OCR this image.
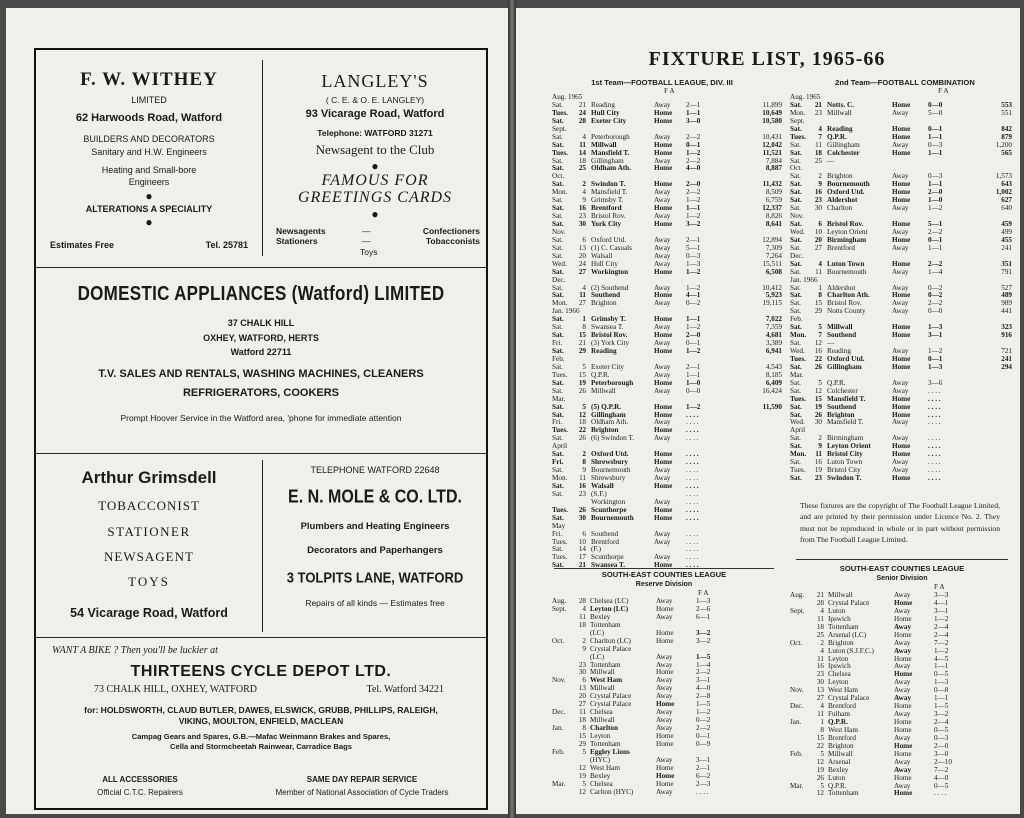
F. W. WITHEY

LIMITED

62 Harwoods Road, Watford

BUILDERS AND DECORATORS

Sanitary and H.W. Engineers

Heating and Small-bore Engineers

●

ALTERATIONS A SPECIALITY

●

Estimates Free	Tel. 25781

LANGLEY'S

( C. E. & O. E. LANGLEY)

93 Vicarage Road, Watford

Telephone: WATFORD 31271

Newsagent to the Club

●

FAMOUS FOR

GREETINGS CARDS

●

Newsagents
Stationers
—
—
Confectioners
Tobacconists
Toys

DOMESTIC APPLIANCES (Watford) LIMITED

37 CHALK HILL

OXHEY, WATFORD, HERTS

Watford 22711

T.V. SALES AND RENTALS, WASHING MACHINES, CLEANERS

REFRIGERATORS, COOKERS

Prompt Hoover Service in the Watford area, 'phone for immediate attention

Arthur Grimsdell

TOBACCONIST

STATIONER

NEWSAGENT

TOYS

54 Vicarage Road, Watford

TELEPHONE WATFORD 22648

E. N. MOLE & CO. LTD.

Plumbers and Heating Engineers

Decorators and Paperhangers

3 TOLPITS LANE, WATFORD

Repairs of all kinds — Estimates free

WANT A BIKE ? Then you'll be luckier at

THIRTEENS CYCLE DEPOT LTD.

73 CHALK HILL, OXHEY, WATFORD	Tel. Watford 34221

for: HOLDSWORTH, CLAUD BUTLER, DAWES, ELSWICK, GRUBB, PHILLIPS, RALEIGH,

VIKING, MOULTON, ENFIELD, MACLEAN

Campag Gears and Spares, G.B.—Mafac Weinmann Brakes and Spares,

Cella and Stormcheetah Rainwear, Carradice Bags

ALL ACCESSORIES
Official C.T.C. Repairers
SAME DAY REPAIR SERVICE
Member of National Association of Cycle Traders
FIXTURE LIST, 1965-66
1st Team—FOOTBALL LEAGUE, DIV. III
F A
Aug. 1965
Sat. 21 Reading	Away 2—1	11,899
Tues. 24 Hull City	Home 1—1	10,649
Sat. 28 Exeter City	Home 3—0	10,580
Sept.
Sat.	4 Peterborough	Away 2—2	10,431
Sat. 11 Millwall	Home 0—1	12,042
Tues. 14 Mansfield T.	Home 1—2	11,521
Sat. 18 Gillingham	Away 2—2	7,884
Sat. 25 Oldham Ath.	Home 4—0	8,887
Oct.
Sat.	2 Swindon T.	Home 2—0	11,432
Mon. 4 Mansfield T.	Away 2—2	8,509
Sat.	9 Grimsby T.	Away 1—2	6,759
Sat. 16 Brentford	Home 1—1	12,337
Sat. 23 Bristol Rov.	Away 1—2	8,826
Sat. 30 York City	Home 3—2	8,641
Nov.
Sat.	6 Oxford Utd.	Away 2—1	12,894
Sat. 13 (1) C. Casuals	Away 5—1	7,309
Sat. 20 Walsall	Away 0—3	7,264
Wed. 24 Hull City	Away 1—3	15,511
Sat. 27 Workington	Home 1—2	6,508
Dec.
Sat.	4 (2) Southend	Away 1—2	10,412
Sat. 11 Southend	Home 4—1	5,923
Mon. 27 Brighton	Away 0—2	19,115
Jan. 1966
Sat.	1 Grimsby T.	Home 1—1	7,022
Sat.	8 Swansea T.	Away 1—2	7,359
Sat. 15 Bristol Rov.	Home 2—0	4,681
Fri. 21 (3) York City	Away 0—1	3,389
Sat. 29 Reading	Home 1—2	6,941
Feb.
Sat.	5 Exeter City	Away 2—1	4,543
Tues. 15 Q.P.R.	Away 1—1	8,185
Sat. 19 Peterborough	Home 1—0	6,409
Sat. 26 Millwall	Away 0—0	16,424
Mar.
Sat.	5 (5) Q.P.R.	Home 1—2	11,590
Sat. 12 Gillingham	Home . . . .
Fri. 18 Oldham Ath.	Away . . . .
Tues. 22 Brighton	Home . . . .
Sat. 26 (6) Swindon T.	Away . . . .
April
Sat.	2 Oxford Utd.	Home . . . .
Fri.	8 Shrewsbury	Home . . . .
Sat.	9 Bournemouth	Away . . . .
Mon. 11 Shrewsbury	Away . . . .
Sat. 16 Walsall	Home . . . .
Sat. 23 (S.F.)	. . . .
Workington	Away . . . .
Tues. 26 Scunthorpe	Home . . . .
Sat. 30 Bournemouth	Home . . . .
May
Fri.	6 Southend	Away . . . .
Tues. 10 Brentford	Away . . . .
Sat. 14 (F.)	. . . .
Tues. 17 Scunthorpe	Away . . . .
Sat. 21 Swansea T.	Home . . . .
2nd Team—FOOTBALL COMBINATION
F A
Aug. 1965
Sat. 21 Notts. C.	Home 0—0	553
Mon. 23 Millwall	Away	5—0	551
Sept.
Sat. 4 Reading	Home 0—1	842
Tues. 7 Q.P.R.	Home 1—1	879
Sat. 11 Gillingham	Away	0—3	1,200
Sat. 18 Colchester	Home 1—1	565
Sat. 25 —
Oct.
Sat. 2 Brighton	Away	0—3	1,573
Sat. 9 Bournemouth	Home 1—1	643
Sat. 16 Oxford Utd.	Home 2—0	1,002
Sat. 23 Aldershot	Home 1—0	627
Sat. 30 Charlton	Away	1—2	640
Nov.
Sat. 6 Bristol Rov.	Home 5—1	459
Wed. 10 Leyton Orient	Away	2—2	499
Sat. 20 Birmingham	Home 0—1	455
Sat. 27 Brentford	Away	1—1	241
Dec.
Sat. 4 Luton Town	Home 2—2	351
Sat. 11 Bournemouth	Away	1—4	791
Jan. 1966
Sat. 1 Aldershot	Away	0—2	527
Sat. 8 Charlton Ath.	Home 0—2	489
Sat. 15 Bristol Rov.	Away	2—2	989
Sat. 29 Notts County	Away	0—0	441
Feb.
Sat. 5 Millwall	Home 1—3	323
Mon. 7 Southend	Home 3—1	916
Sat. 12 —
Wed. 16 Reading	Away	1—2	721
Tues. 22 Oxford Utd.	Home 0—1	241
Sat. 26 Gillingham	Home 1—3	294
Mar.
Sat. 5 Q.P.R.	Away	3—6
Sat. 12 Colchester	Away	. . . .
Tues. 15 Mansfield T.	Home . . . .
Sat. 19 Southend	Home . . . .
Sat. 26 Brighton	Home . . . .
Wed. 30 Mansfield T.	Away	. . . .
April
Sat. 2 Birmingham	Away	. . . .
Sat. 9 Leyton Orient	Home . . . .
Mon. 11 Bristol City	Home . . . .
Sat. 16 Luton Town	Away	. . . .
Tues. 19 Bristol City	Away	. . . .
Sat. 23 Swindon T.	Home . . . .
These fixtures are the copyright of The Football League Limited, and are printed by their permission under Licence No. 2. They must not be reproduced in whole or in part without permission from The Football League Limited.
SOUTH-EAST COUNTIES LEAGUE
Reserve Division
F A
Aug. 28 Chelsea (LC)	Away	1—3
Sept. 4 Leyton (LC)	Home	2—6
11 Bexley	Away	6—1
18 Tottenham
(LC)	Home	3—2
Oct.	2 Charlton (LC)	Home	3—2
9 Crystal Palace
(LC)	Away	1—5
23 Tottenham	Away	1—4
30 Millwall	Home	2—2
Nov. 6 West Ham	Away	3—1
13 Millwall	Away	4—0
20 Crystal Palace	Away	2—8
27 Crystal Palace	Home	1—5
Dec. 11 Chelsea	Away	1—2
18 Millwall	Away	0—2
Jan.	8 Charlton	Away	2—2
15 Leyton	Home	0—1
29 Tottenham	Home	0—9
Feb. 5 Eggley Lions
(HYC)	Away	3—1
12 West Ham	Home	2—1
19 Bexley	Home	6—2
Mar. 5 Chelsea	Home	2—3
12 Carlton (HYC)	Away	. . . .
SOUTH-EAST COUNTIES LEAGUE
Senior Division
F A
Aug. 21 Millwall	Away	3—3
28 Crystal Palace	Home	4—1
Sept. 4 Luton	Away	3—1
11 Ipswich	Home	1—2
18 Tottenham	Away	2—4
25 Arsenal (LC)	Home	2—4
Oct.	2 Brighton	Away	7—2
4 Luton (S.J.F.C.)	Away	1—2
11 Leyton	Home	4—5
16 Ipswich	Away	1—1
23 Chelsea	Home	0—5
30 Leyton	Away	1—3
Nov. 13 West Ham	Away	0—8
27 Crystal Palace	Away	1—1
Dec. 4 Brentford	Home	1—5
11 Fulham	Away	3—2
Jan.	1 Q.P.R.	Home	2—4
8 West Ham	Home	0—5
15 Brentford	Away	0—3
22 Brighton	Home	2—0
Feb. 5 Millwall	Home	3—0
12 Arsenal	Away	2—10
19 Bexley	Away	7—2
26 Luton	Home	4—0
Mar. 5 Q.P.R.	Away	0—5
12 Tottenham	Home	. . . .
